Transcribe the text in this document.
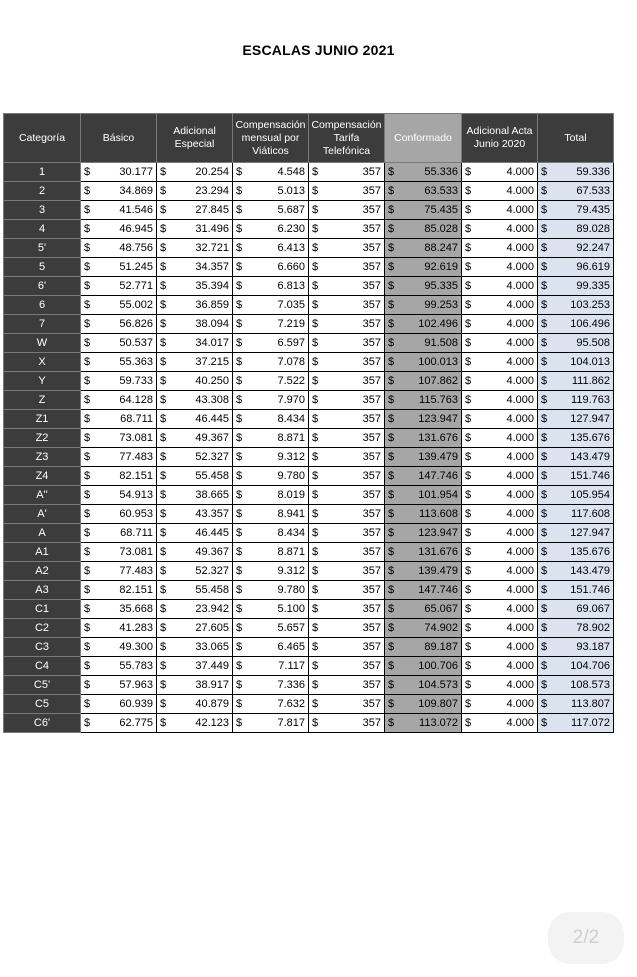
ESCALAS JUNIO 2021
Categoría	Básico	Adicional Especial	Compensación mensual por Viáticos	Compensación Tarifa Telefónica	Conformado	Adicional Acta Junio 2020	Total
1	$ 30.177	$ 20.254	$ 4.548	$ 357	$ 55.336	$ 4.000	$ 59.336

2	$ 34.869	$ 23.294	$ 5.013	$ 357	$ 63.533	$ 4.000	$ 67.533

3	$ 41.546	$ 27.845	$ 5.687	$ 357	$ 75.435	$ 4.000	$ 79.435

4	$ 46.945	$ 31.496	$ 6.230	$ 357	$ 85.028	$ 4.000	$ 89.028

5'	$ 48.756	$ 32.721	$ 6.413	$ 357	$ 88.247	$ 4.000	$ 92.247

5	$ 51.245	$ 34.357	$ 6.660	$ 357	$ 92.619	$ 4.000	$ 96.619

6'	$ 52.771	$ 35.394	$ 6.813	$ 357	$ 95.335	$ 4.000	$ 99.335

6	$ 55.002	$ 36.859	$ 7.035	$ 357	$ 99.253	$ 4.000	$ 103.253

7	$ 56.826	$ 38.094	$ 7.219	$ 357	$ 102.496	$ 4.000	$ 106.496

W	$ 50.537	$ 34.017	$ 6.597	$ 357	$ 91.508	$ 4.000	$ 95.508

X	$ 55.363	$ 37.215	$ 7.078	$ 357	$ 100.013	$ 4.000	$ 104.013

Y	$ 59.733	$ 40.250	$ 7.522	$ 357	$ 107.862	$ 4.000	$ 111.862

Z	$ 64.128	$ 43.308	$ 7.970	$ 357	$ 115.763	$ 4.000	$ 119.763

Z1	$ 68.711	$ 46.445	$ 8.434	$ 357	$ 123.947	$ 4.000	$ 127.947

Z2	$ 73.081	$ 49.367	$ 8.871	$ 357	$ 131.676	$ 4.000	$ 135.676

Z3	$ 77.483	$ 52.327	$ 9.312	$ 357	$ 139.479	$ 4.000	$ 143.479

Z4	$ 82.151	$ 55.458	$ 9.780	$ 357	$ 147.746	$ 4.000	$ 151.746

A''	$ 54.913	$ 38.665	$ 8.019	$ 357	$ 101.954	$ 4.000	$ 105.954

A'	$ 60.953	$ 43.357	$ 8.941	$ 357	$ 113.608	$ 4.000	$ 117.608

A	$ 68.711	$ 46.445	$ 8.434	$ 357	$ 123.947	$ 4.000	$ 127.947

A1	$ 73.081	$ 49.367	$ 8.871	$ 357	$ 131.676	$ 4.000	$ 135.676

A2	$ 77.483	$ 52.327	$ 9.312	$ 357	$ 139.479	$ 4.000	$ 143.479

A3	$ 82.151	$ 55.458	$ 9.780	$ 357	$ 147.746	$ 4.000	$ 151.746

C1	$ 35.668	$ 23.942	$ 5.100	$ 357	$ 65.067	$ 4.000	$ 69.067

C2	$ 41.283	$ 27.605	$ 5.657	$ 357	$ 74.902	$ 4.000	$ 78.902

C3	$ 49.300	$ 33.065	$ 6.465	$ 357	$ 89.187	$ 4.000	$ 93.187

C4	$ 55.783	$ 37.449	$ 7.117	$ 357	$ 100.706	$ 4.000	$ 104.706

C5'	$ 57.963	$ 38.917	$ 7.336	$ 357	$ 104.573	$ 4.000	$ 108.573

C5	$ 60.939	$ 40.879	$ 7.632	$ 357	$ 109.807	$ 4.000	$ 113.807

C6'	$ 62.775	$ 42.123	$ 7.817	$ 357	$ 113.072	$ 4.000	$ 117.072
2/2
